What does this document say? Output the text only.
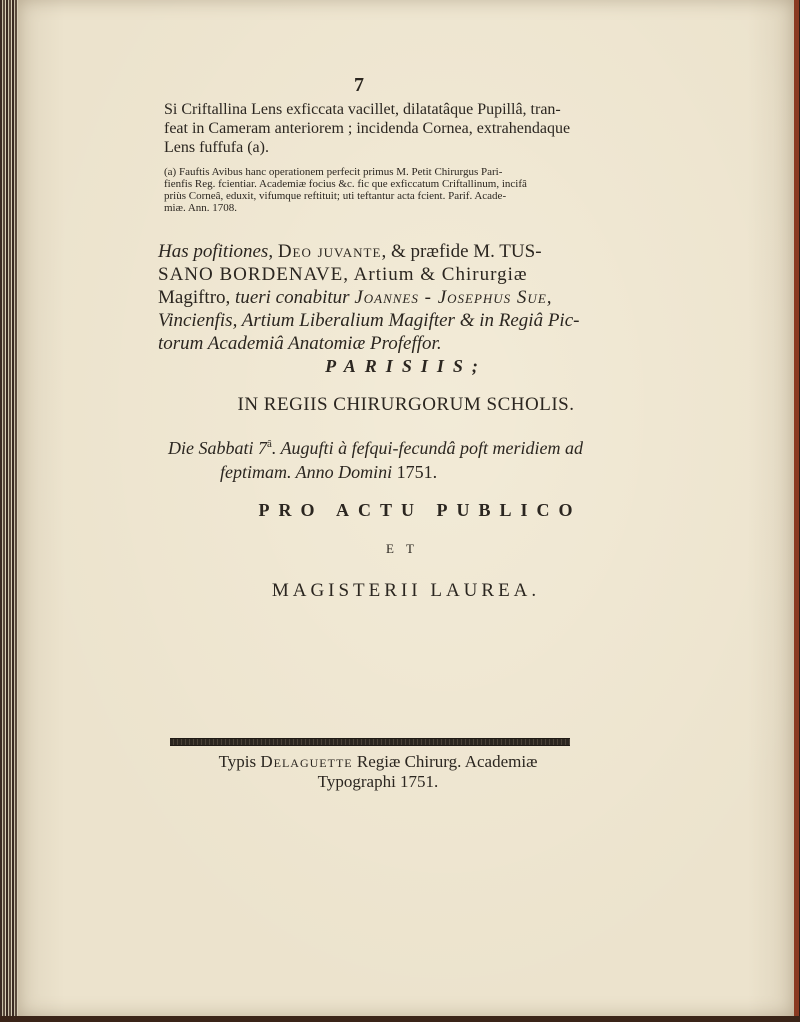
7
Si Criftallina Lens exficcata vacillet, dilatatâque Pupillâ, tran-
feat in Cameram anteriorem ; incidenda Cornea, extrahendaque
Lens fuffufa (a).
(a) Fauftis Avibus hanc operationem perfecit primus M. Petit Chirurgus Pari-
fienfis Reg. fcientiar. Academiæ focius &c. fic que exficcatum Criftallinum, incifâ
priùs Corneâ, eduxit, vifumque reftituit; uti teftantur acta fcient. Parif. Acade-
miæ. Ann. 1708.
Has pofitiones, Deo juvante, & præfide M. TUS-
SANO BORDENAVE, Artium & Chirurgiæ
Magiftro, tueri conabitur Joannes - Josephus Sue,
Vincienfis, Artium Liberalium Magifter & in Regiâ Pic-
torum Academiâ Anatomiæ Profeffor.
PARISIIS;
IN REGIIS CHIRURGORUM SCHOLIS.
Die Sabbati $7^â$. Augufti à fefqui-fecundâ poft meridiem ad
feptimam. Anno Domini 1751.
PRO ACTU PUBLICO
ET
MAGISTERII LAUREA.
Typis Delaguette Regiæ Chirurg. Academiæ
Typographi 1751.
